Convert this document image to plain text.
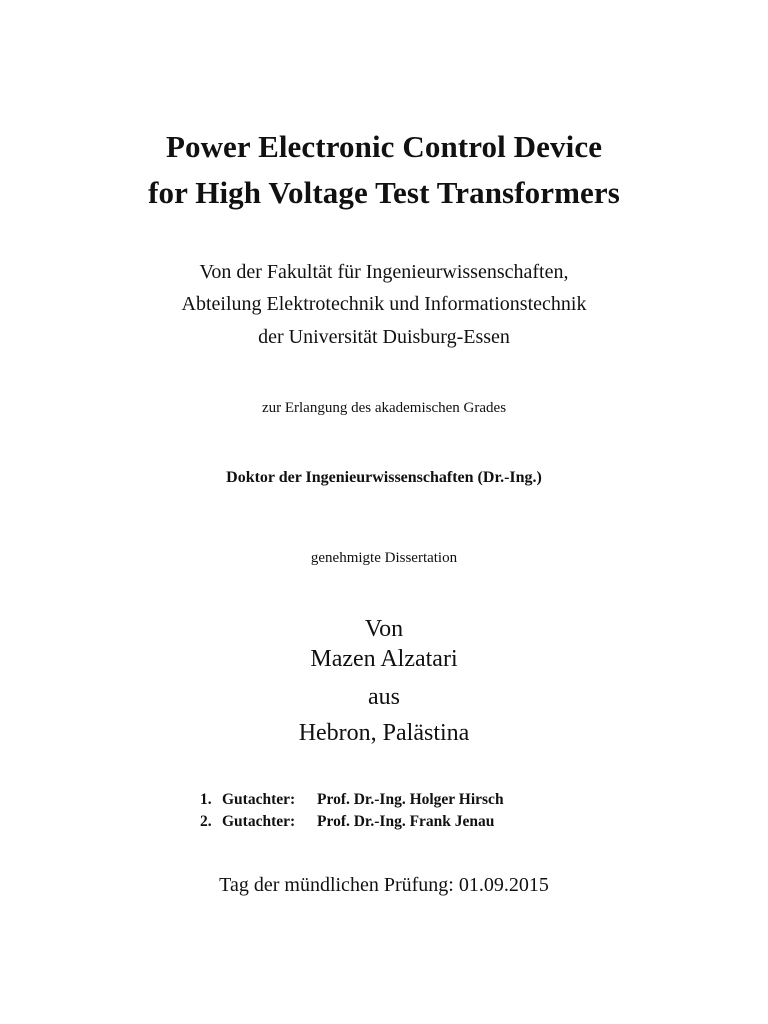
Power Electronic Control Device
for High Voltage Test Transformers
Von der Fakultät für Ingenieurwissenschaften,
Abteilung Elektrotechnik und Informationstechnik
der Universität Duisburg-Essen
zur Erlangung des akademischen Grades
Doktor der Ingenieurwissenschaften (Dr.-Ing.)
genehmigte Dissertation
Von
Mazen Alzatari
aus
Hebron, Palästina
1. Gutachter: Prof. Dr.-Ing. Holger Hirsch
2. Gutachter: Prof. Dr.-Ing. Frank Jenau
Tag der mündlichen Prüfung: 01.09.2015
